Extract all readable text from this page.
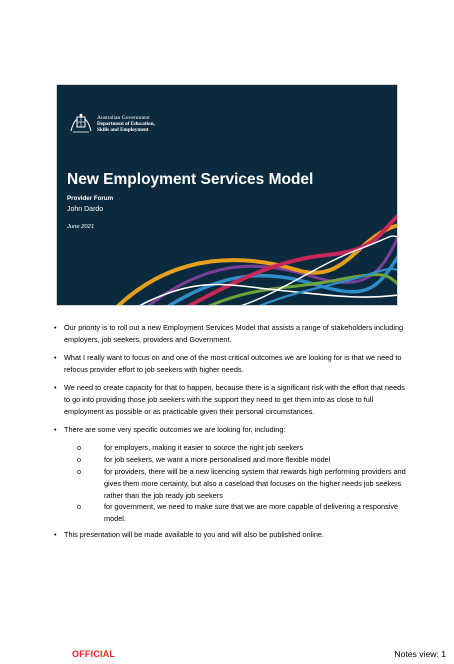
Australian Government
Department of Education,
Skills and Employment
New Employment Services Model
Provider Forum
John Dardo
June 2021
• Our priority is to roll out a new Employment Services Model that assists a range of stakeholders including employers, job seekers, providers and Government.
• What I really want to focus on and one of the most critical outcomes we are looking for is that we need to refocus provider effort to job seekers with higher needs.
• We need to create capacity for that to happen, because there is a significant risk with the effort that needs to go into providing those job seekers with the support they need to get them into as close to full employment as possible or as practicable given their personal circumstances.
• There are some very specific outcomes we are looking for, including:
o	for employers, making it easier to source the right job seekers
o	for job seekers, we want a more personalised and more flexible model
o	for providers, there will be a new licencing system that rewards high performing providers and gives them more certainty, but also a caseload that focuses on the higher needs job seekers rather than the job ready job seekers
o	for government, we need to make sure that we are more capable of delivering a responsive model.
• This presentation will be made available to you and will also be published online.
OFFICIAL	Notes view: 1
